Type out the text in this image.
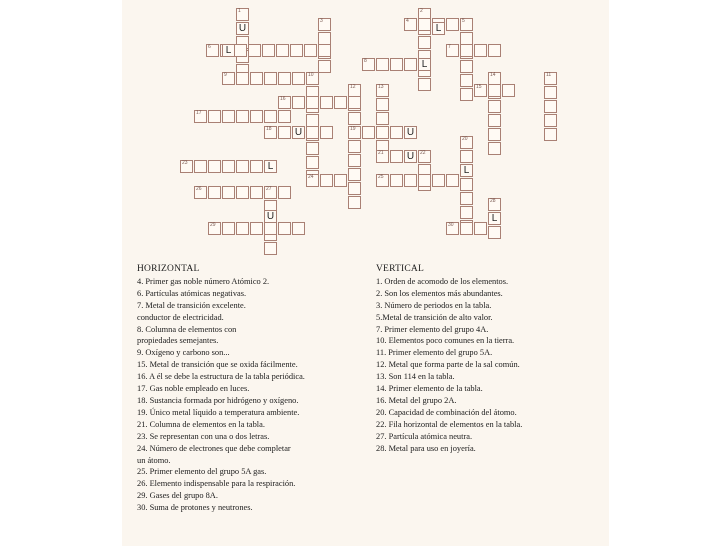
1
U
2
3	4	5
6	7
8	L
9	10	11
12
19
13
14
15
16
17
18 U	U
20
L
21 U	22
23	L
24	25
26	27
28
L
29	30
L
L
U
HORIZONTAL
4. Primer gas noble número Atómico 2.
6. Partículas atómicas negativas.
7. Metal de transición excelente.
conductor de electricidad.
8. Columna de elementos con
propiedades semejantes.
9. Oxígeno y carbono son...
15. Metal de transición que se oxida fácilmente.
16. A él se debe la estructura de la tabla periódica.
17. Gas noble empleado en luces.
18. Sustancia formada por hidrógeno y oxígeno.
19. Único metal líquido a temperatura ambiente.
21. Columna de elementos en la tabla.
23. Se representan con una o dos letras.
24. Número de electrones que debe completar
un átomo.
25. Primer elemento del grupo 5A gas.
26. Elemento indispensable para la respiración.
29. Gases del grupo 8A.
30. Suma de protones y neutrones.
VERTICAL
1. Orden de acomodo de los elementos.
2. Son los elementos más abundantes.
3. Número de periodos en la tabla.
5.Metal de transición de alto valor.
7. Primer elemento del grupo 4A.
10. Elementos poco comunes en la tierra.
11. Primer elemento del grupo 5A.
12. Metal que forma parte de la sal común.
13. Son 114 en la tabla.
14. Primer elemento de la tabla.
16. Metal del grupo 2A.
20. Capacidad de combinación del átomo.
22. Fila horizontal de elementos en la tabla.
27. Partícula atómica neutra.
28. Metal para uso en joyería.
